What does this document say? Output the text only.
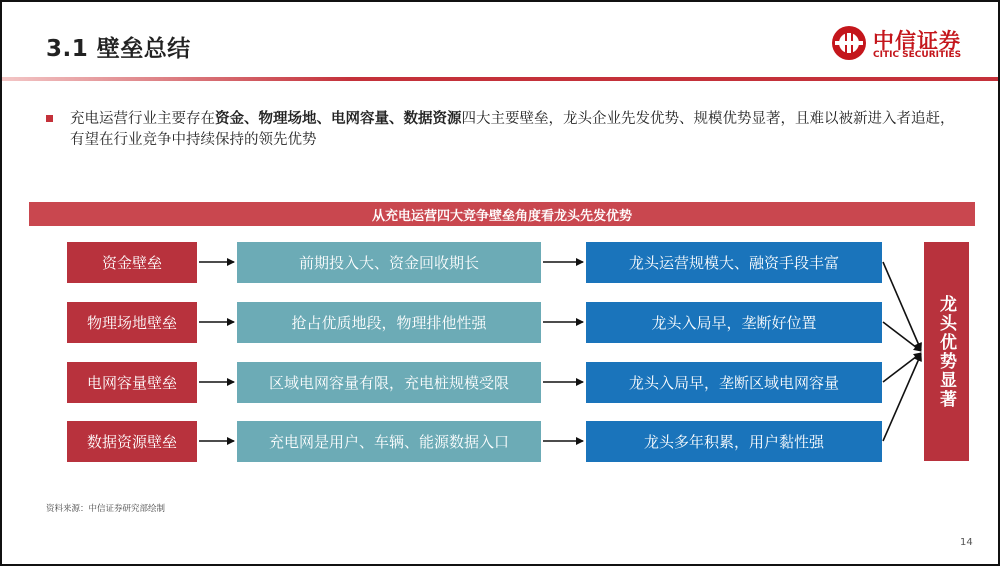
3.1 壁垒总结	中信证券
CITIC SECURITIES
充电运营行业主要存在资金、物理场地、电网容量、数据资源四大主要壁垒，龙头企业先发优势、规模优势显著，且难以被新进入者追赶，有望在行业竞争中持续保持的领先优势
从充电运营四大竞争壁垒角度看龙头先发优势
资金壁垒	前期投入大、资金回收期长	龙头运营规模大、融资手段丰富
物理场地壁垒	抢占优质地段，物理排他性强	龙头入局早，垄断好位置
电网容量壁垒	区域电网容量有限，充电桩规模受限	龙头入局早，垄断区域电网容量
数据资源壁垒	充电网是用户、车辆、能源数据入口	龙头多年积累，用户黏性强
龙头优势显著
资料来源：中信证券研究部绘制
14
